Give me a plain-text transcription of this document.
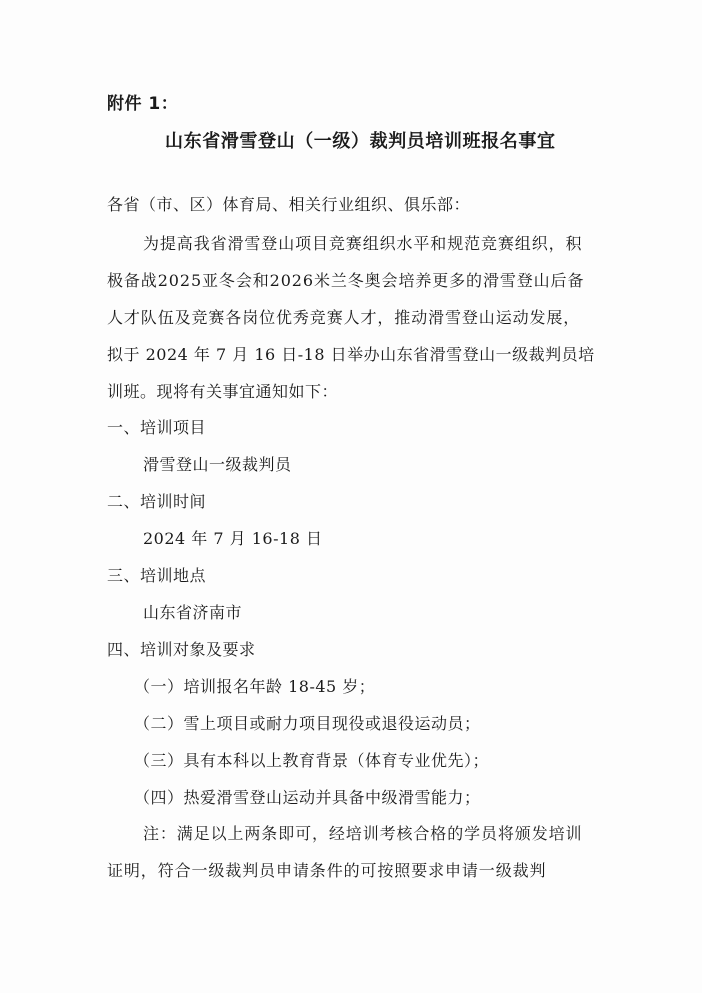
附件 1：
山东省滑雪登山（一级）裁判员培训班报名事宜
各省（市、区）体育局、相关行业组织、俱乐部：
为提高我省滑雪登山项目竞赛组织水平和规范竞赛组织，积
极备战2025亚冬会和2026米兰冬奥会培养更多的滑雪登山后备
人才队伍及竞赛各岗位优秀竞赛人才，推动滑雪登山运动发展，
拟于 2024 年 7 月 16 日-18 日举办山东省滑雪登山一级裁判员培
训班。现将有关事宜通知如下：
一、培训项目
滑雪登山一级裁判员
二、培训时间
2024 年 7 月 16-18 日
三、培训地点
山东省济南市
四、培训对象及要求
（一）培训报名年龄 18-45 岁；
（二）雪上项目或耐力项目现役或退役运动员；
（三）具有本科以上教育背景（体育专业优先）；
（四）热爱滑雪登山运动并具备中级滑雪能力；
注：满足以上两条即可，经培训考核合格的学员将颁发培训
证明，符合一级裁判员申请条件的可按照要求申请一级裁判
